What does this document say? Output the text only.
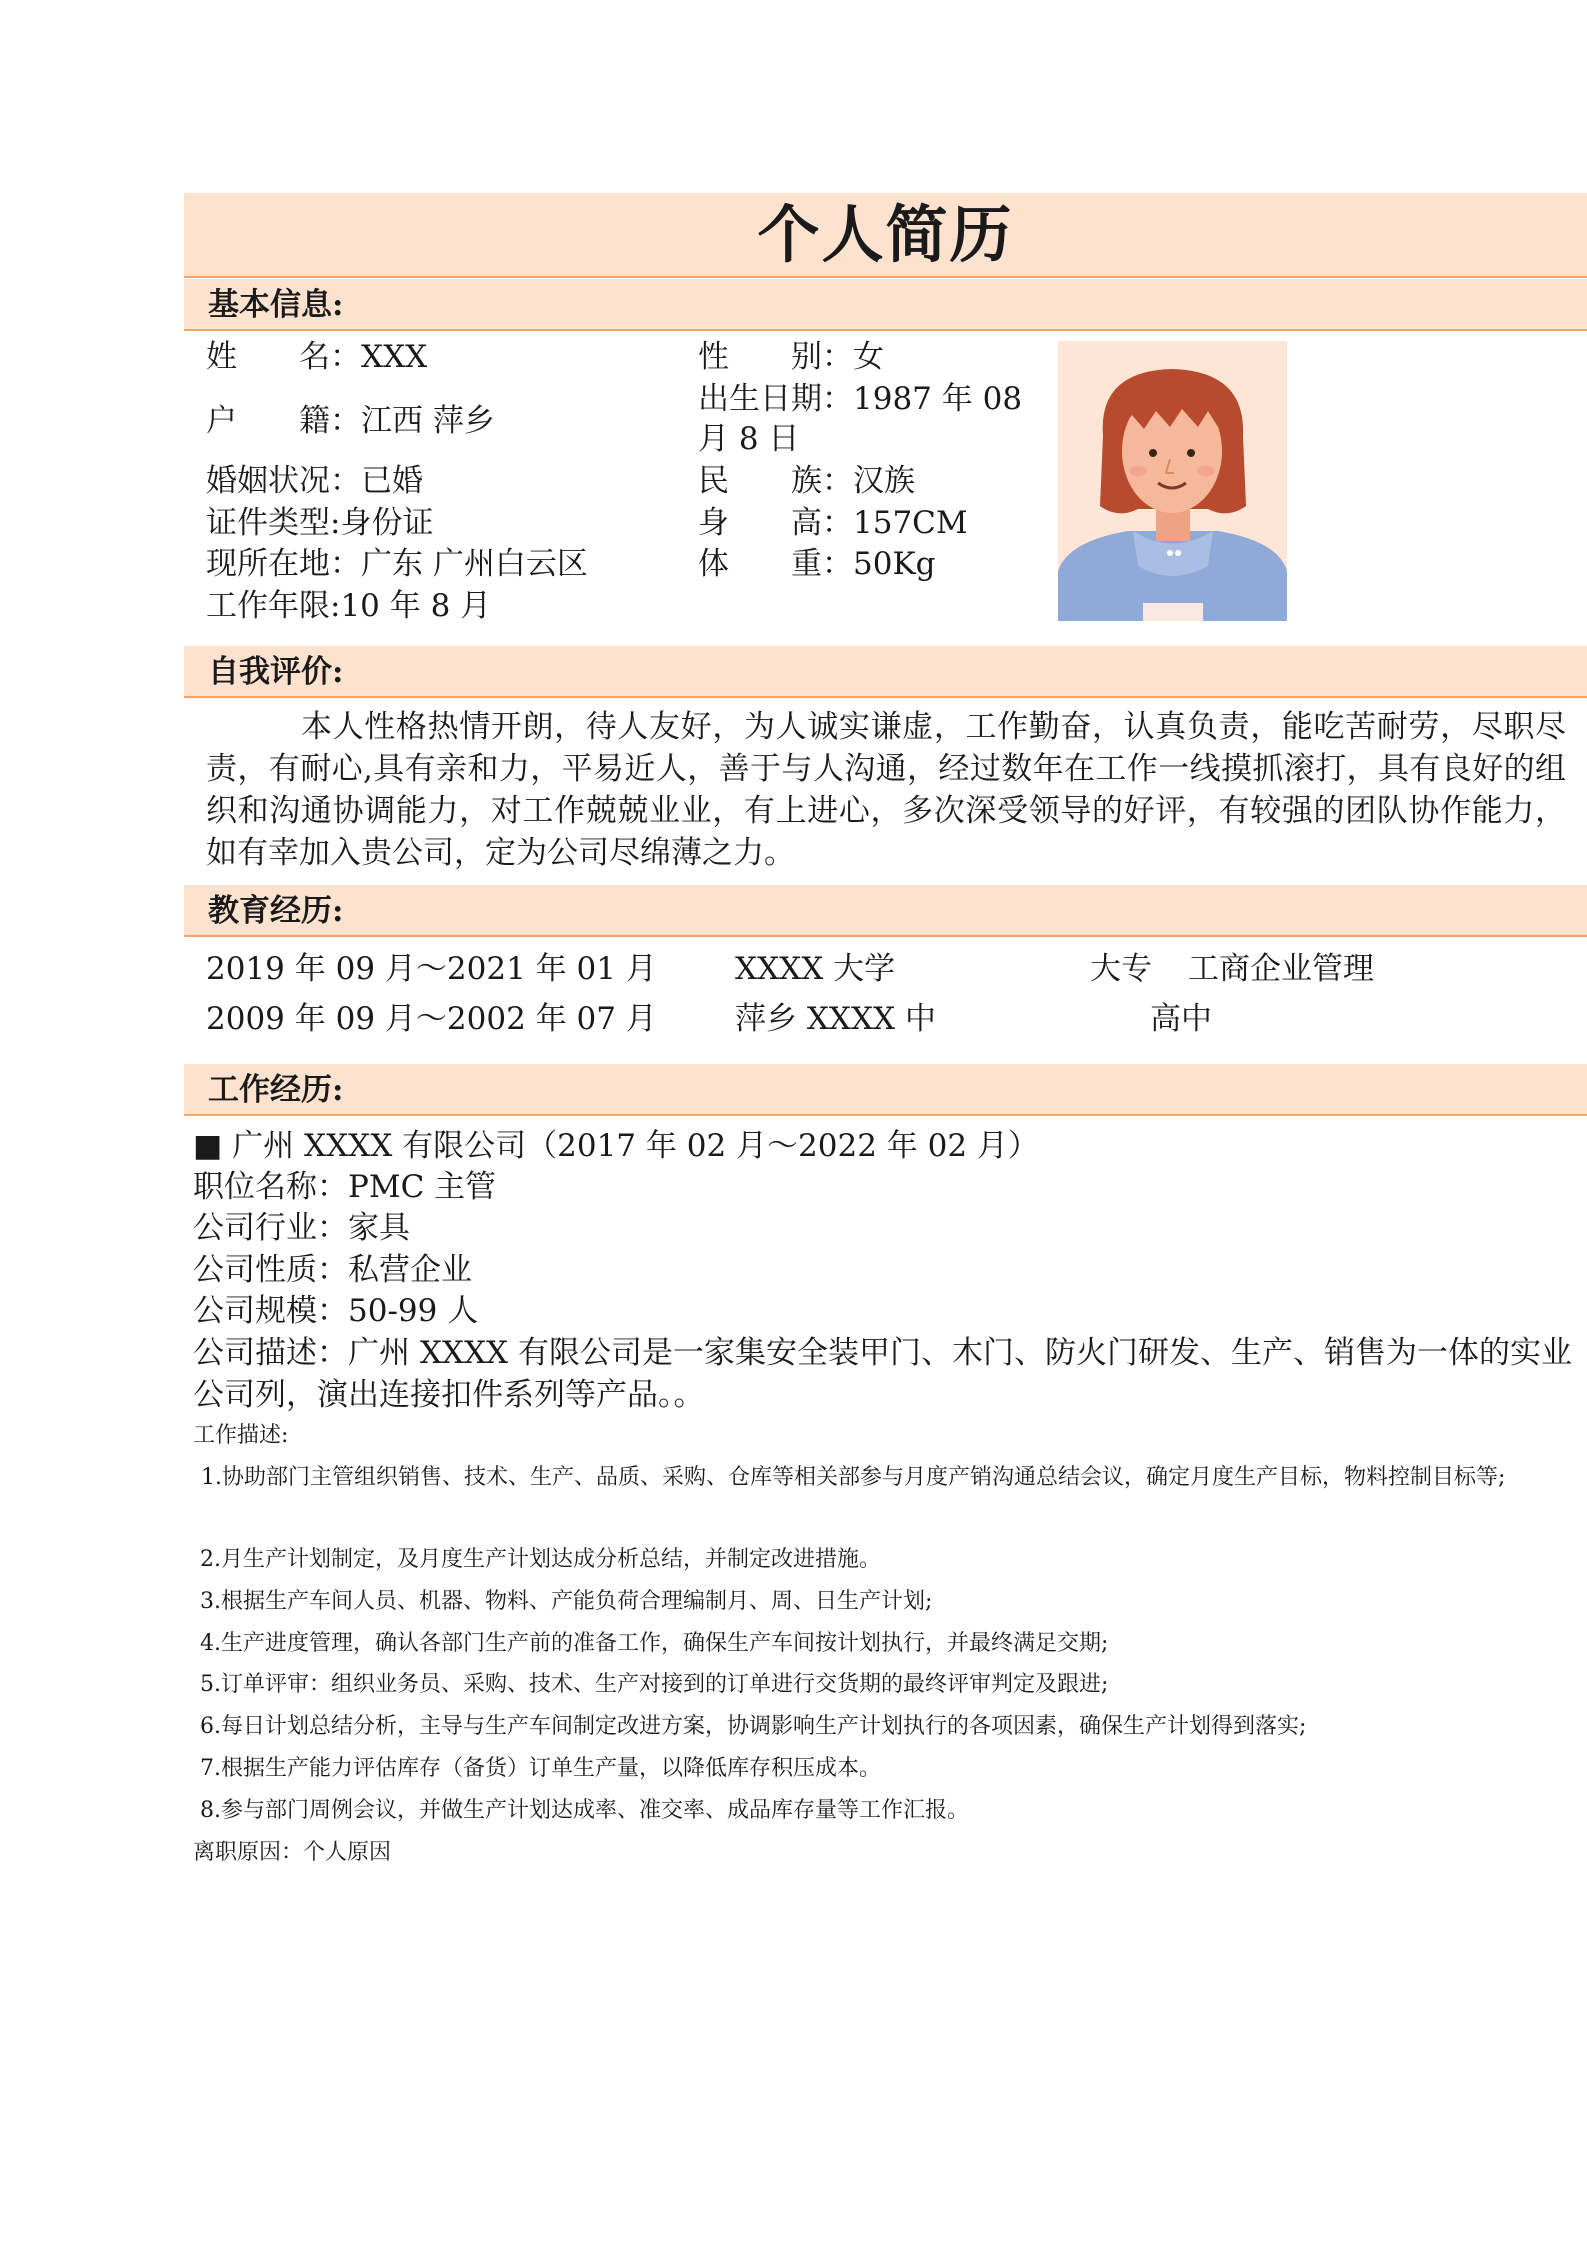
个人简历
基本信息:
姓 名 ：XXX
户 籍 ：江西 萍乡
婚姻状况：已婚
证件类型:身份证
现所在地：广东 广州白云区
工作年限:10 年 8 月
性 别 ：女
出生日期：1987 年 08
月 8 日
民 族 ：汉族
身 高 ：157CM
体 重 ：50Kg
自我评价:
本人性格热情开朗，待人友好，为人诚实谦虚，工作勤奋，认真负责，能吃苦耐劳，尽职尽责，有耐心,具有亲和力，平易近人，善于与人沟通，经过数年在工作一线摸抓滚打，具有良好的组织和沟通协调能力，对工作兢兢业业，有上进心，多次深受领导的好评，有较强的团队协作能力，如有幸加入贵公司，定为公司尽绵薄之力。
教育经历:
2019 年 09 月～2021 年 01 月	XXXX 大学	大专 工商企业管理
2009 年 09 月～2002 年 07 月	萍乡 XXXX 中	高中
工作经历:
■ 广州 XXXX 有限公司（2017 年 02 月～2022 年 02 月）
职位名称：PMC 主管
公司行业：家具
公司性质：私营企业
公司规模：50-99 人
公司描述：广州 XXXX 有限公司是一家集安全装甲门、木门、防火门研发、生产、销售为一体的实业公司列，演出连接扣件系列等产品。。
工作描述:
1.协助部门主管组织销售、技术、生产、品质、采购、仓库等相关部参与月度产销沟通总结会议，确定月度生产目标，物料控制目标等;
2.月生产计划制定，及月度生产计划达成分析总结，并制定改进措施。
3.根据生产车间人员、机器、物料、产能负荷合理编制月、周、日生产计划;
4.生产进度管理，确认各部门生产前的准备工作，确保生产车间按计划执行，并最终满足交期;
5.订单评审：组织业务员、采购、技术、生产对接到的订单进行交货期的最终评审判定及跟进;
6.每日计划总结分析，主导与生产车间制定改进方案，协调影响生产计划执行的各项因素，确保生产计划得到落实;
7.根据生产能力评估库存（备货）订单生产量，以降低库存积压成本。
8.参与部门周例会议，并做生产计划达成率、准交率、成品库存量等工作汇报。
离职原因：个人原因
